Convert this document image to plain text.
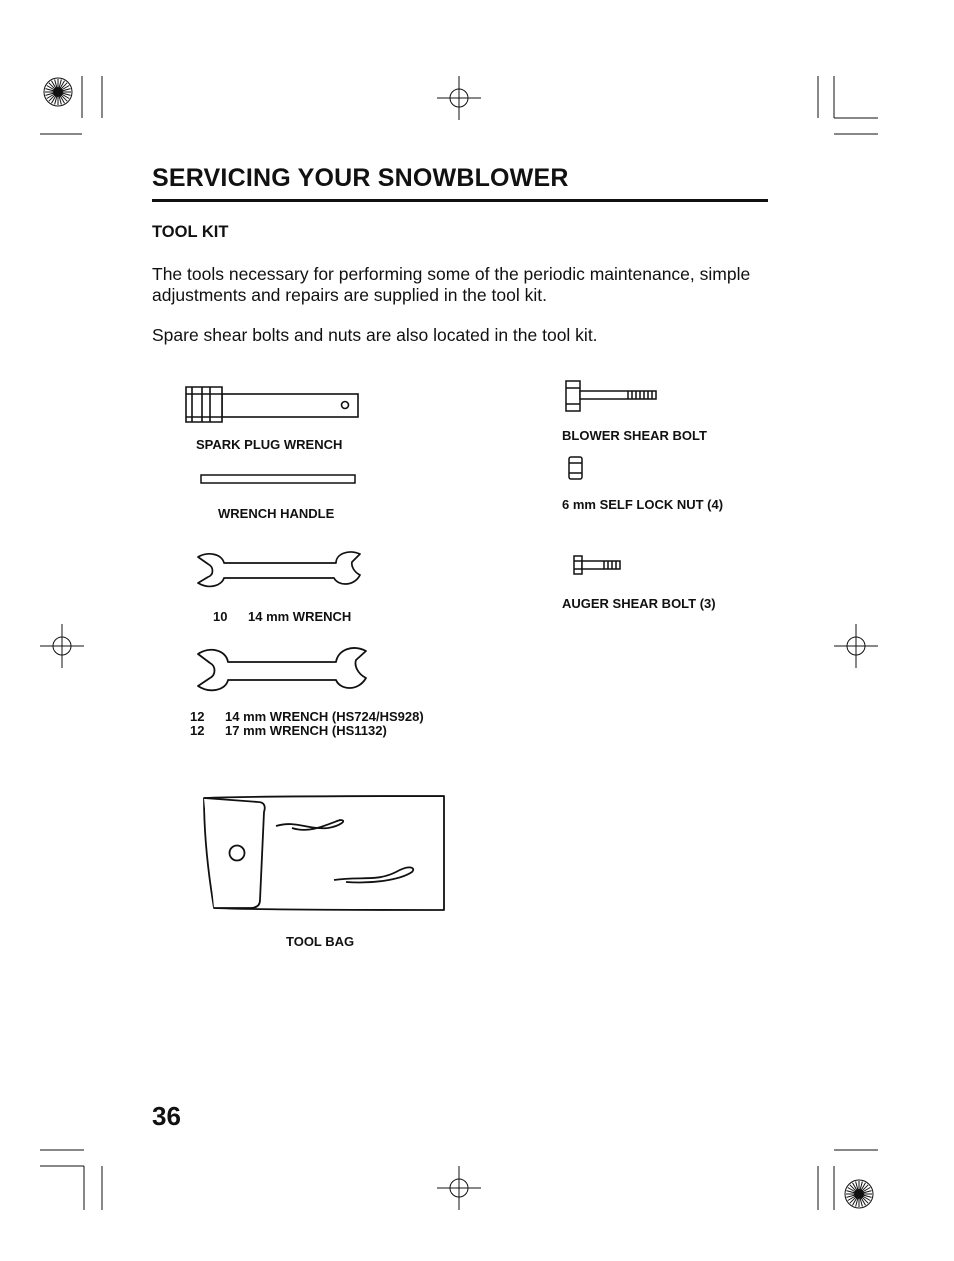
SERVICING YOUR SNOWBLOWER
TOOL KIT
The tools necessary for performing some of the periodic maintenance, simple adjustments and repairs are supplied in the tool kit.
Spare shear bolts and nuts are also located in the tool kit.
SPARK PLUG WRENCH
WRENCH HANDLE
10 14 mm WRENCH
12 14 mm WRENCH (HS724/HS928)
12 17 mm WRENCH (HS1132)
TOOL BAG
BLOWER SHEAR BOLT
6 mm SELF LOCK NUT (4)
AUGER SHEAR BOLT (3)
36
